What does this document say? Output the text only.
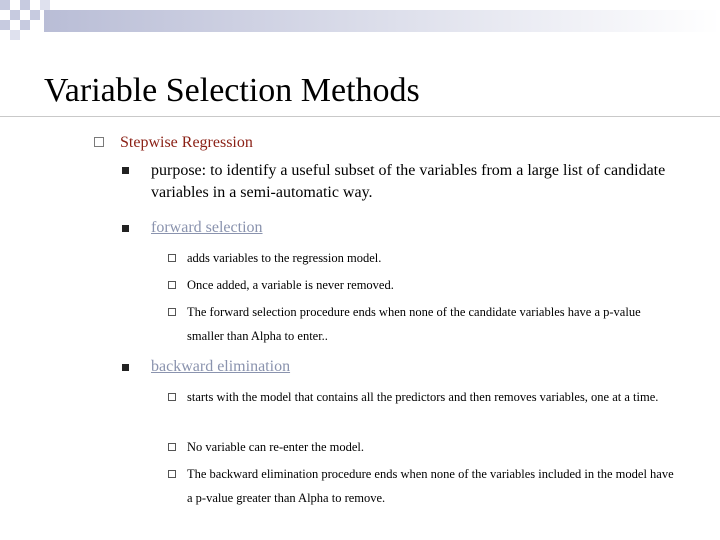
Variable Selection Methods
Stepwise Regression
purpose: to identify a useful subset of the variables from a large list of candidate variables in a semi-automatic way.
forward selection
adds variables to the regression model.
Once added, a variable is never removed.
The forward selection procedure ends when none of the candidate variables have a p-value smaller than Alpha to enter..
backward elimination
starts with the model that contains all the predictors and then removes variables, one at a time.
No variable can re-enter the model.
The backward elimination procedure ends when none of the variables included in the model have a p-value greater than Alpha to remove.
